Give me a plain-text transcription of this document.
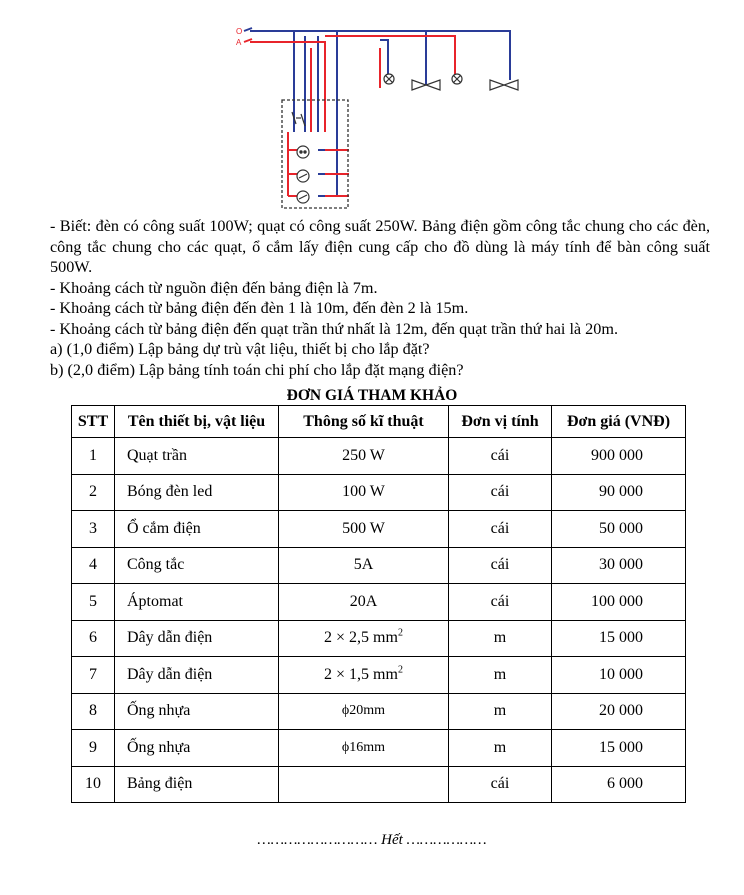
O
A

- Biết: đèn có công suất 100W; quạt có công suất 250W. Bảng điện gồm công tắc chung cho các đèn, công tắc chung cho các quạt, ổ cắm lấy điện cung cấp cho đồ dùng là máy tính để bàn công suất 500W.

- Khoảng cách từ nguồn điện đến bảng điện là 7m.

- Khoảng cách từ bảng điện đến đèn 1 là 10m, đến đèn 2 là 15m.

- Khoảng cách từ bảng điện đến quạt trần thứ nhất là 12m, đến quạt trần thứ hai là 20m.

a) (1,0 điểm) Lập bảng dự trù vật liệu, thiết bị cho lắp đặt?

b) (2,0 điểm) Lập bảng tính toán chi phí cho lắp đặt mạng điện?

ĐƠN GIÁ THAM KHẢO
STT	Tên thiết bị, vật liệu	Thông số kĩ thuật	Đơn vị tính	Đơn giá (VNĐ)
1	Quạt trần	250 W	cái	900 000
2	Bóng đèn led	100 W	cái	90 000
3	Ổ cắm điện	500 W	cái	50 000
4	Công tắc	5A	cái	30 000
5	Áptomat	20A	cái	100 000
6	Dây dẫn điện	2 × 2,5 $mm^2$	m	15 000
7	Dây dẫn điện	2 × 1,5 $mm^2$	m	10 000
8	Ống nhựa	ϕ20mm	m	20 000
9	Ống nhựa	ϕ16mm	m	15 000
10	Bảng điện		cái	6 000
……………………… Hết ………………
